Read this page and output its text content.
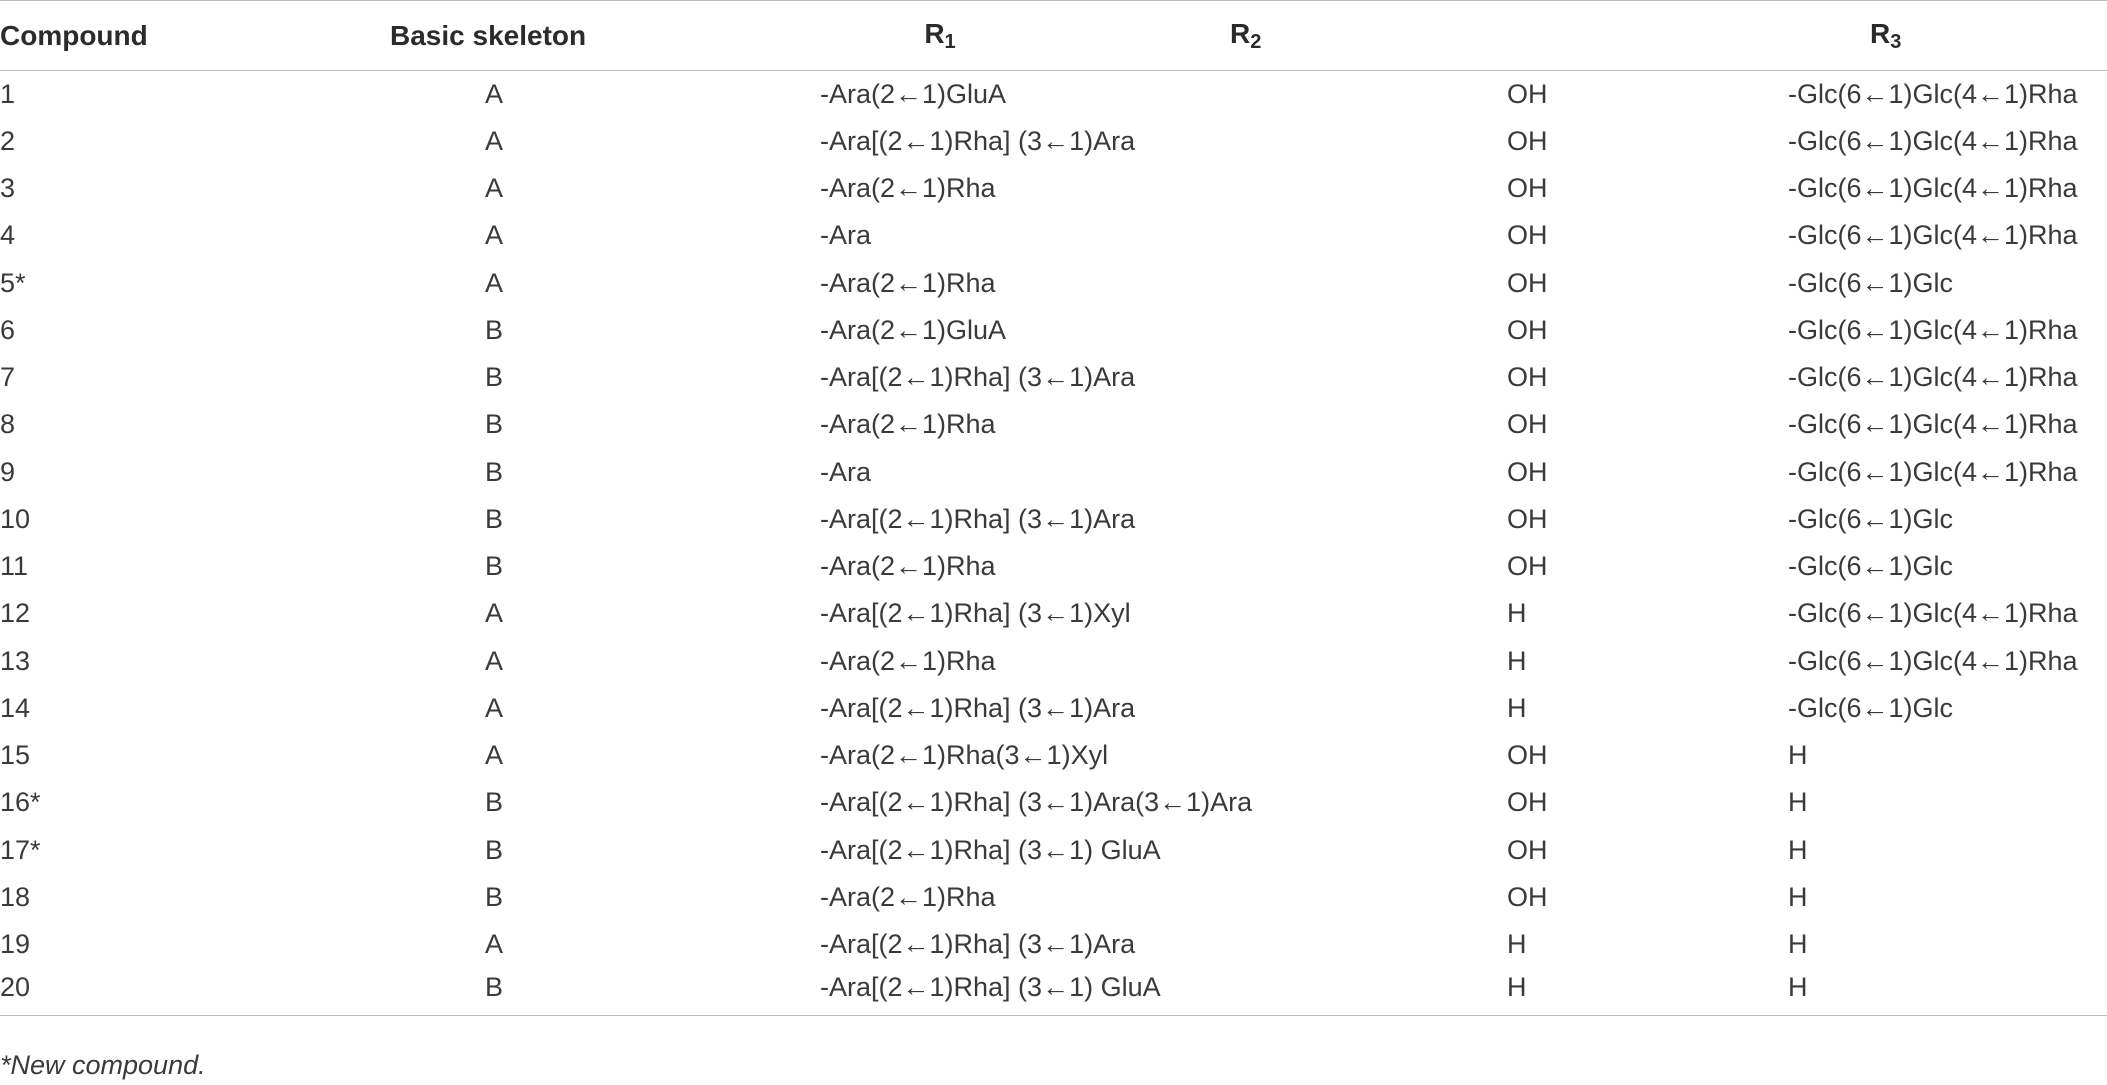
Compound	Basic skeleton	$R_1$	$R_2$	$R_3$
1	A	-Ara(2←1)GluA	OH	-Glc(6←1)Glc(4←1)Rha
2	A	-Ara[(2←1)Rha] (3←1)Ara	OH	-Glc(6←1)Glc(4←1)Rha
3	A	-Ara(2←1)Rha	OH	-Glc(6←1)Glc(4←1)Rha
4	A	-Ara	OH	-Glc(6←1)Glc(4←1)Rha
5*	A	-Ara(2←1)Rha	OH	-Glc(6←1)Glc
6	B	-Ara(2←1)GluA	OH	-Glc(6←1)Glc(4←1)Rha
7	B	-Ara[(2←1)Rha] (3←1)Ara	OH	-Glc(6←1)Glc(4←1)Rha
8	B	-Ara(2←1)Rha	OH	-Glc(6←1)Glc(4←1)Rha
9	B	-Ara	OH	-Glc(6←1)Glc(4←1)Rha
10	B	-Ara[(2←1)Rha] (3←1)Ara	OH	-Glc(6←1)Glc
11	B	-Ara(2←1)Rha	OH	-Glc(6←1)Glc
12	A	-Ara[(2←1)Rha] (3←1)Xyl	H	-Glc(6←1)Glc(4←1)Rha
13	A	-Ara(2←1)Rha	H	-Glc(6←1)Glc(4←1)Rha
14	A	-Ara[(2←1)Rha] (3←1)Ara	H	-Glc(6←1)Glc
15	A	-Ara(2←1)Rha(3←1)Xyl	OH	H
16*	B	-Ara[(2←1)Rha] (3←1)Ara(3←1)Ara	OH	H
17*	B	-Ara[(2←1)Rha] (3←1) GluA	OH	H
18	B	-Ara(2←1)Rha	OH	H
19	A	-Ara[(2←1)Rha] (3←1)Ara	H	H
20	B	-Ara[(2←1)Rha] (3←1) GluA	H	H
*New compound.
